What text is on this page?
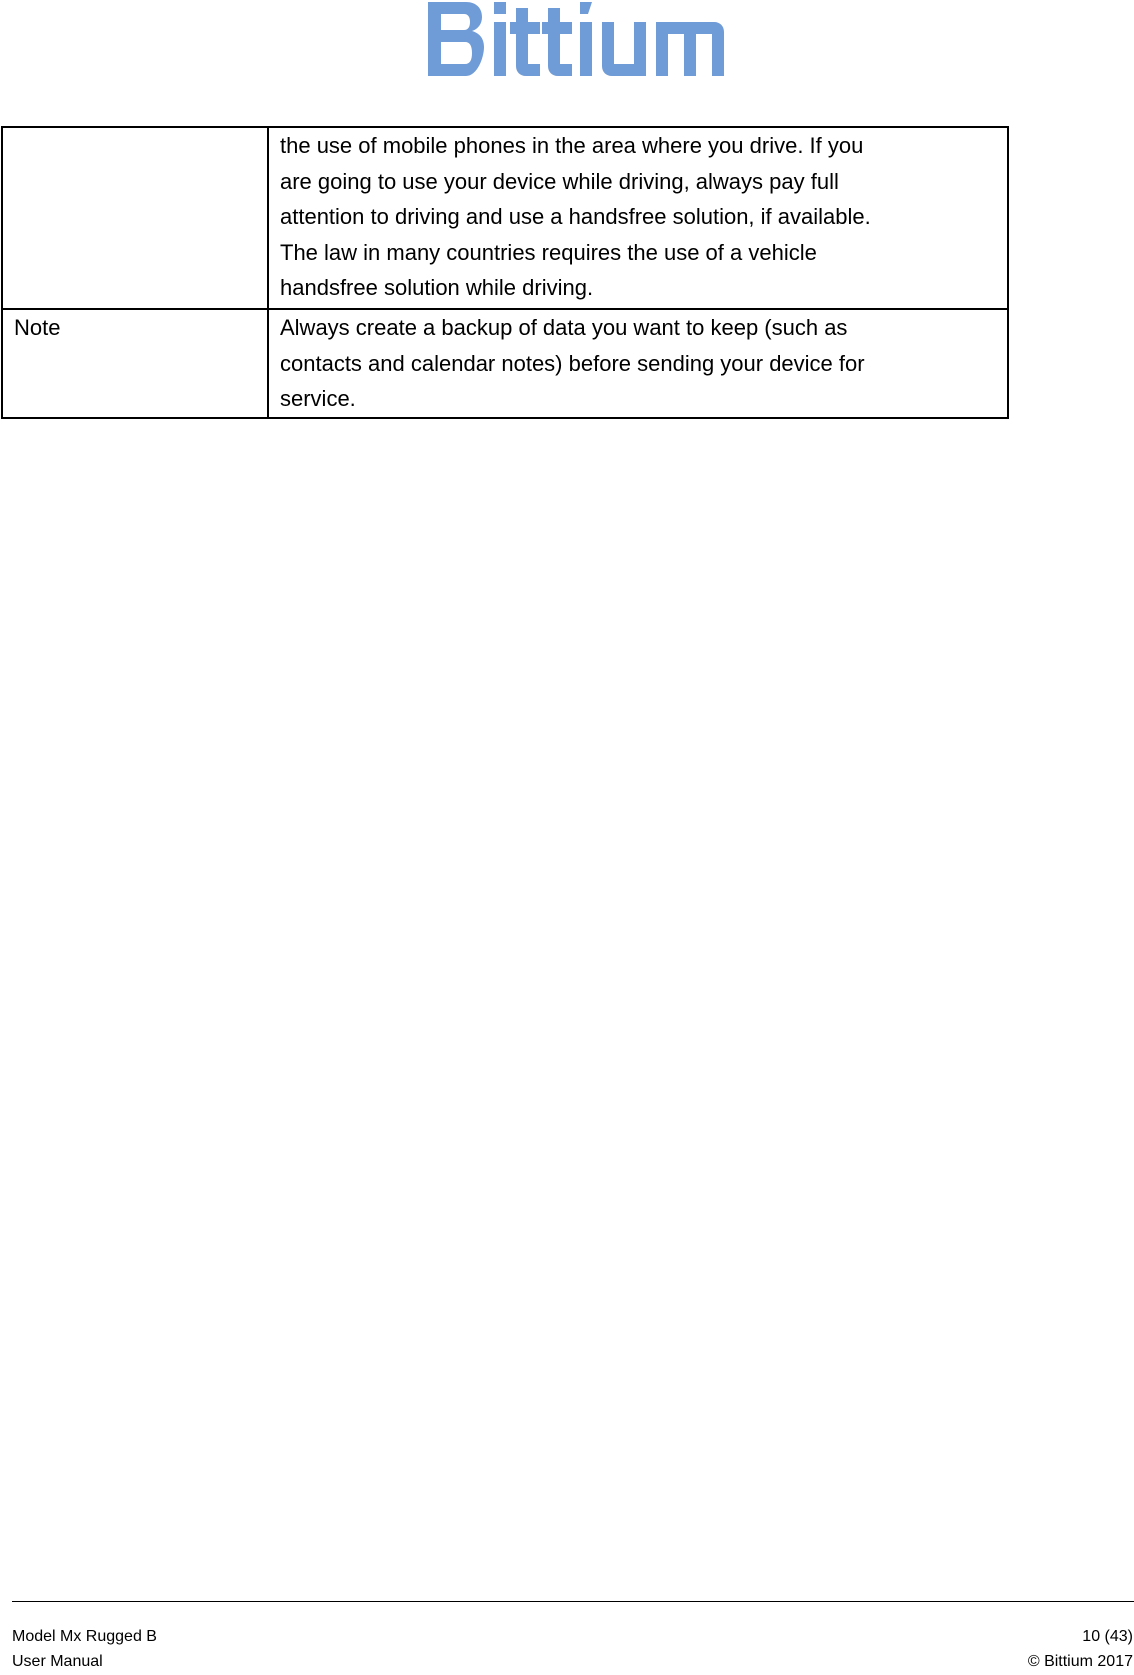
	the use of mobile phones in the area where you drive. If you
are going to use your device while driving, always pay full
attention to driving and use a handsfree solution, if available.
The law in many countries requires the use of a vehicle
handsfree solution while driving.

Note	Always create a backup of data you want to keep (such as
contacts and calendar notes) before sending your device for
service.
Model Mx Rugged B
User Manual
10 (43)
© Bittium 2017
